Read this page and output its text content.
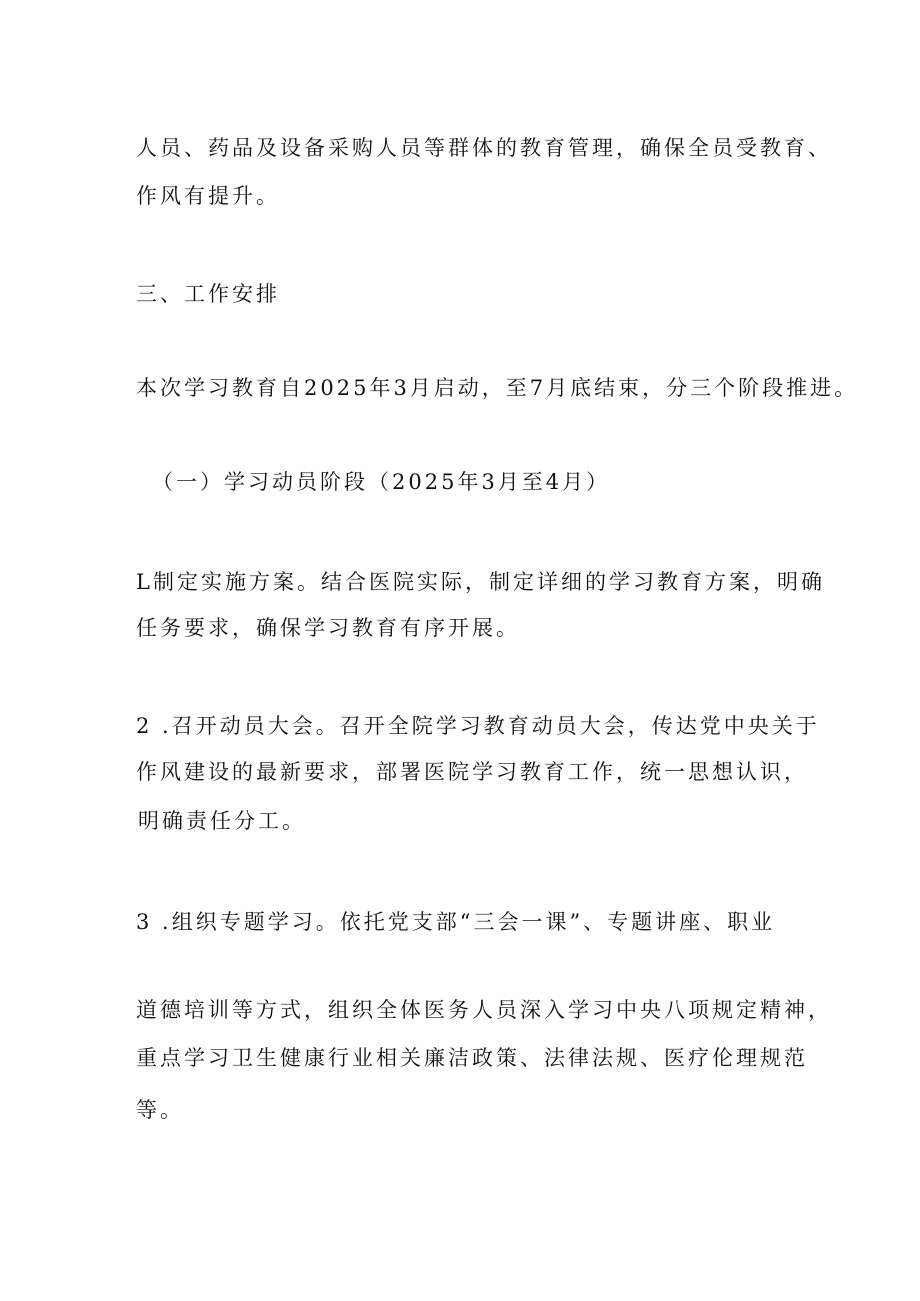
人员、药品及设备采购人员等群体的教育管理，确保全员受教育、
作风有提升。
三、工作安排
本次学习教育自2025年3月启动，至7月底结束，分三个阶段推进。
（一）学习动员阶段（2025年3月至4月）
L制定实施方案。结合医院实际，制定详细的学习教育方案，明确
任务要求，确保学习教育有序开展。
2 .召开动员大会。召开全院学习教育动员大会，传达党中央关于
作风建设的最新要求，部署医院学习教育工作，统一思想认识，
明确责任分工。
3 .组织专题学习。依托党支部“三会一课”、专题讲座、职业
道德培训等方式，组织全体医务人员深入学习中央八项规定精神，
重点学习卫生健康行业相关廉洁政策、法律法规、医疗伦理规范
等。
